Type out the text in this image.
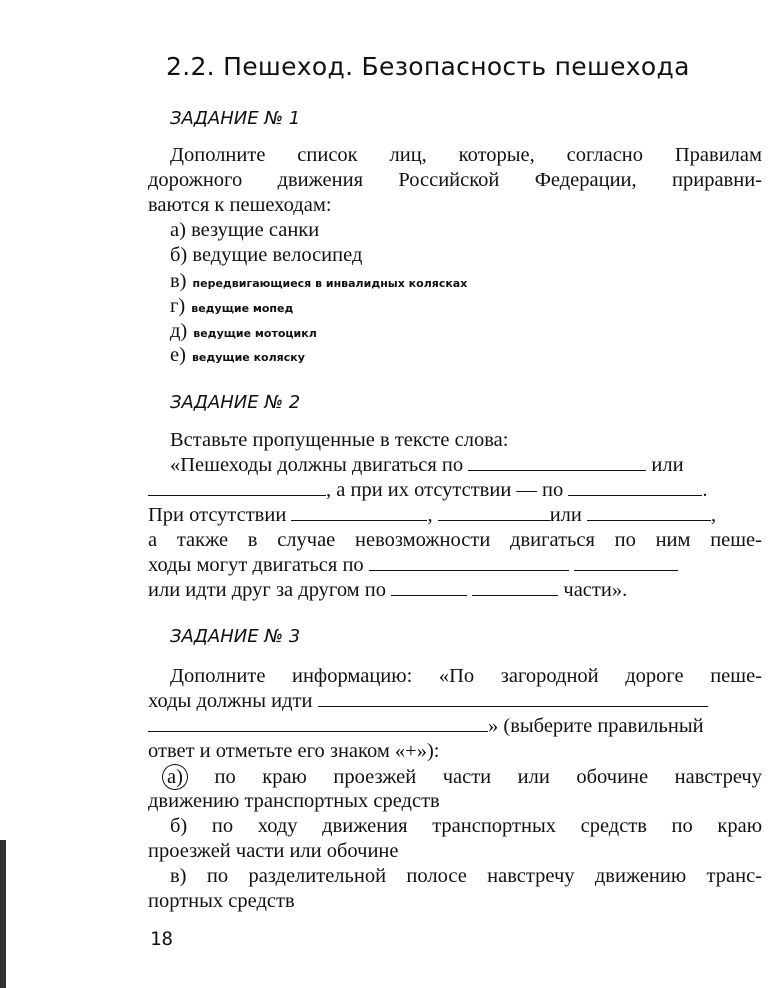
2.2. Пешеход. Безопасность пешехода
ЗАДАНИЕ № 1

Дополните список лиц, которые, согласно Правилам

дорожного движения Российской Федерации, приравни-

ваются к пешеходам:

а) везущие санки

б) ведущие велосипед

в) передвигающиеся в инвалидных колясках

г) ведущие мопед

д) ведущие мотоцикл

е) ведущие коляску

ЗАДАНИЕ № 2

Вставьте пропущенные в тексте слова:

«Пешеходы должны двигаться по	или

, а при их отсутствии — по	.

При отсутствии	,	или	,

а также в случае невозможности двигаться по ним пеше-

ходы могут двигаться по

или идти друг за другом по	части».

ЗАДАНИЕ № 3

Дополните информацию: «По загородной дороге пеше-

ходы должны идти

» (выберите правильный

ответ и отметьте его знаком «+»):

а) по краю проезжей части или обочине навстречу

движению транспортных средств

б) по ходу движения транспортных средств по краю

проезжей части или обочине

в) по разделительной полосе навстречу движению транс-

портных средств

18
